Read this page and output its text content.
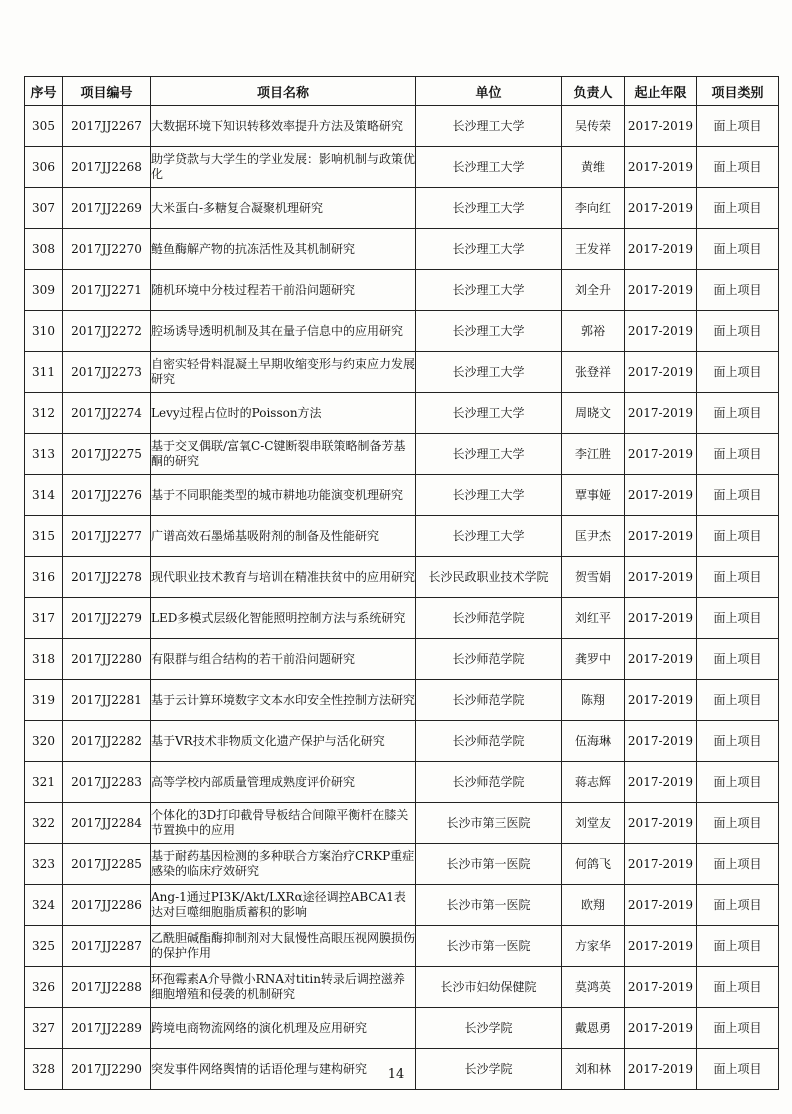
序号	项目编号	项目名称	单位	负责人	起止年限	项目类别
305	2017JJ2267	大数据环境下知识转移效率提升方法及策略研究	长沙理工大学	吴传荣	2017-2019	面上项目
306	2017JJ2268	助学贷款与大学生的学业发展：影响机制与政策优化	长沙理工大学	黄维	2017-2019	面上项目
307	2017JJ2269	大米蛋白-多糖复合凝聚机理研究	长沙理工大学	李向红	2017-2019	面上项目
308	2017JJ2270	鲢鱼酶解产物的抗冻活性及其机制研究	长沙理工大学	王发祥	2017-2019	面上项目
309	2017JJ2271	随机环境中分枝过程若干前沿问题研究	长沙理工大学	刘全升	2017-2019	面上项目
310	2017JJ2272	腔场诱导透明机制及其在量子信息中的应用研究	长沙理工大学	郭裕	2017-2019	面上项目
311	2017JJ2273	自密实轻骨料混凝土早期收缩变形与约束应力发展研究	长沙理工大学	张登祥	2017-2019	面上项目
312	2017JJ2274	Levy过程占位时的Poisson方法	长沙理工大学	周晓文	2017-2019	面上项目
313	2017JJ2275	基于交叉偶联/富氧C-C键断裂串联策略制备芳基酮的研究	长沙理工大学	李江胜	2017-2019	面上项目
314	2017JJ2276	基于不同职能类型的城市耕地功能演变机理研究	长沙理工大学	覃事娅	2017-2019	面上项目
315	2017JJ2277	广谱高效石墨烯基吸附剂的制备及性能研究	长沙理工大学	匡尹杰	2017-2019	面上项目
316	2017JJ2278	现代职业技术教育与培训在精准扶贫中的应用研究	长沙民政职业技术学院	贺雪娟	2017-2019	面上项目
317	2017JJ2279	LED多模式层级化智能照明控制方法与系统研究	长沙师范学院	刘红平	2017-2019	面上项目
318	2017JJ2280	有限群与组合结构的若干前沿问题研究	长沙师范学院	龚罗中	2017-2019	面上项目
319	2017JJ2281	基于云计算环境数字文本水印安全性控制方法研究	长沙师范学院	陈翔	2017-2019	面上项目
320	2017JJ2282	基于VR技术非物质文化遗产保护与活化研究	长沙师范学院	伍海琳	2017-2019	面上项目
321	2017JJ2283	高等学校内部质量管理成熟度评价研究	长沙师范学院	蒋志辉	2017-2019	面上项目
322	2017JJ2284	个体化的3D打印截骨导板结合间隙平衡杆在膝关节置换中的应用	长沙市第三医院	刘堂友	2017-2019	面上项目
323	2017JJ2285	基于耐药基因检测的多种联合方案治疗CRKP重症感染的临床疗效研究	长沙市第一医院	何鸽飞	2017-2019	面上项目
324	2017JJ2286	Ang-1通过PI3K/Akt/LXRα途径调控ABCA1表达对巨噬细胞脂质蓄积的影响	长沙市第一医院	欧翔	2017-2019	面上项目
325	2017JJ2287	乙酰胆碱酯酶抑制剂对大鼠慢性高眼压视网膜损伤的保护作用	长沙市第一医院	方家华	2017-2019	面上项目
326	2017JJ2288	环孢霉素A介导微小RNA对titin转录后调控滋养细胞增殖和侵袭的机制研究	长沙市妇幼保健院	莫鸿英	2017-2019	面上项目
327	2017JJ2289	跨境电商物流网络的演化机理及应用研究	长沙学院	戴恩勇	2017-2019	面上项目
328	2017JJ2290	突发事件网络舆情的话语伦理与建构研究	长沙学院	刘和林	2017-2019	面上项目
14
